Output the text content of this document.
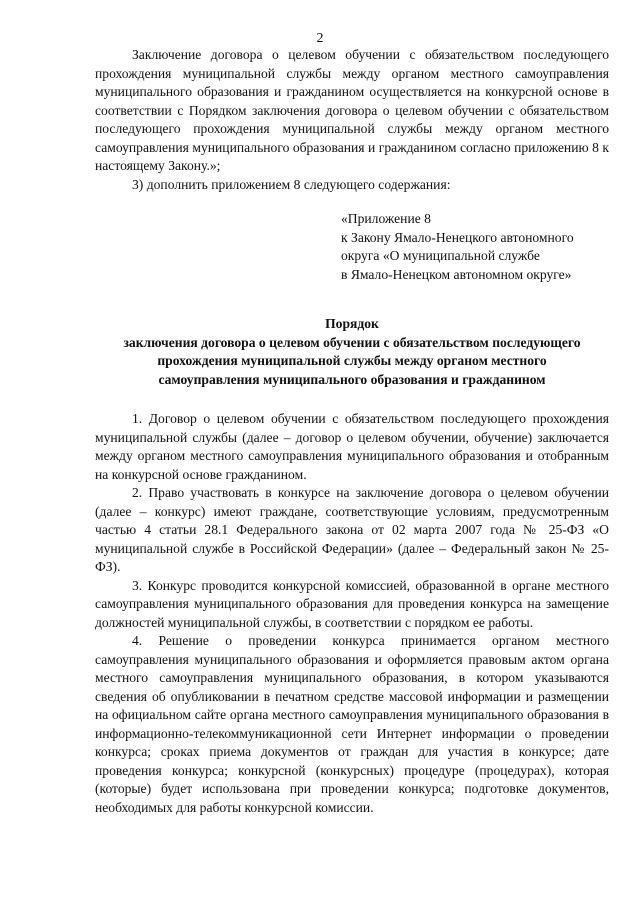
2

Заключение договора о целевом обучении с обязательством последующего прохождения муниципальной службы между органом местного самоуправления муниципального образования и гражданином осуществляется на конкурсной основе в соответствии с Порядком заключения договора о целевом обучении с обязательством последующего прохождения муниципальной службы между органом местного самоуправления муниципального образования и гражданином согласно приложению 8 к настоящему Закону.»;

3) дополнить приложением 8 следующего содержания:

«Приложение 8
к Закону Ямало-Ненецкого автономного
округа «О муниципальной службе
в Ямало-Ненецком автономном округе»
Порядок
заключения договора о целевом обучении с обязательством последующего
прохождения муниципальной службы между органом местного
самоуправления муниципального образования и гражданином

1. Договор о целевом обучении с обязательством последующего прохождения муниципальной службы (далее – договор о целевом обучении, обучение) заключается между органом местного самоуправления муниципального образования и отобранным на конкурсной основе гражданином.

2. Право участвовать в конкурсе на заключение договора о целевом обучении (далее – конкурс) имеют граждане, соответствующие условиям, предусмотренным частью 4 статьи 28.1 Федерального закона от 02 марта 2007 года № 25-ФЗ «О муниципальной службе в Российской Федерации» (далее – Федеральный закон № 25-ФЗ).

3. Конкурс проводится конкурсной комиссией, образованной в органе местного самоуправления муниципального образования для проведения конкурса на замещение должностей муниципальной службы, в соответствии с порядком ее работы.

4. Решение о проведении конкурса принимается органом местного самоуправления муниципального образования и оформляется правовым актом органа местного самоуправления муниципального образования, в котором указываются сведения об опубликовании в печатном средстве массовой информации и размещении на официальном сайте органа местного самоуправления муниципального образования в информационно-телекоммуникационной сети Интернет информации о проведении конкурса; сроках приема документов от граждан для участия в конкурсе; дате проведения конкурса; конкурсной (конкурсных) процедуре (процедурах), которая (которые) будет использована при проведении конкурса; подготовке документов, необходимых для работы конкурсной комиссии.
